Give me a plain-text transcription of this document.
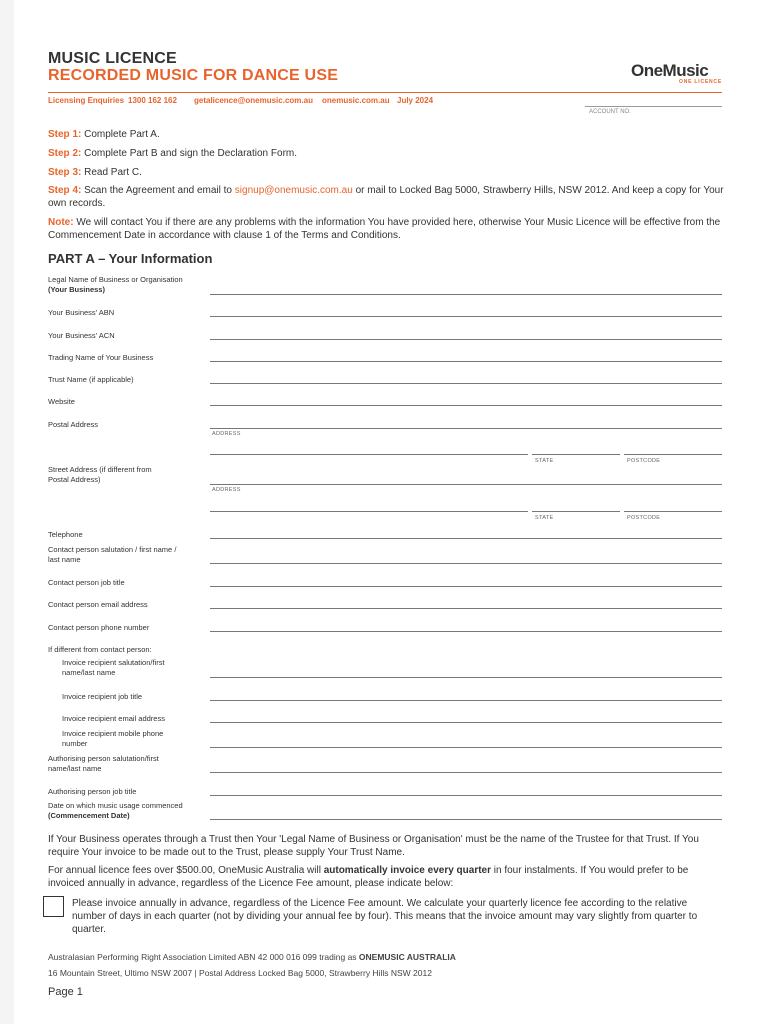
MUSIC LICENCE
RECORDED MUSIC FOR DANCE USE	OneMusic
ONE LICENCE
Licensing Enquiries 1300 162 162 getalicence@onemusic.com.au onemusic.com.au July 2024
ACCOUNT NO.
Step 1: Complete Part A.
Step 2: Complete Part B and sign the Declaration Form.
Step 3: Read Part C.
Step 4: Scan the Agreement and email to signup@onemusic.com.au or mail to Locked Bag 5000, Strawberry Hills, NSW 2012. And keep a copy for Your own records.
Note: We will contact You if there are any problems with the information You have provided here, otherwise Your Music Licence will be effective from the Commencement Date in accordance with clause 1 of the Terms and Conditions.
PART A – Your Information
Legal Name of Business or Organisation
(Your Business)
Your Business' ABN
Your Business' ACN
Trading Name of Your Business
Trust Name (if applicable)
Website
Postal Address
ADDRESS
STATE	POSTCODE
Street Address (if different from Postal Address)
ADDRESS
STATE	POSTCODE
Telephone
Contact person salutation / first name / last name
Contact person job title
Contact person email address
Contact person phone number
If different from contact person:
Invoice recipient salutation/first name/last name
Invoice recipient job title
Invoice recipient email address
Invoice recipient mobile phone number
Authorising person salutation/first name/last name
Authorising person job title
Date on which music usage commenced
(Commencement Date)
If Your Business operates through a Trust then Your 'Legal Name of Business or Organisation' must be the name of the Trustee for that Trust. If You require Your invoice to be made out to the Trust, please supply Your Trust Name.
For annual licence fees over $500.00, OneMusic Australia will automatically invoice every quarter in four instalments. If You would prefer to be invoiced annually in advance, regardless of the Licence Fee amount, please indicate below:
Please invoice annually in advance, regardless of the Licence Fee amount. We calculate your quarterly licence fee according to the relative number of days in each quarter (not by dividing your annual fee by four). This means that the invoice amount may vary slightly from quarter to quarter.
Australasian Performing Right Association Limited ABN 42 000 016 099 trading as ONEMUSIC AUSTRALIA
16 Mountain Street, Ultimo NSW 2007 | Postal Address Locked Bag 5000, Strawberry Hills NSW 2012
Page 1
